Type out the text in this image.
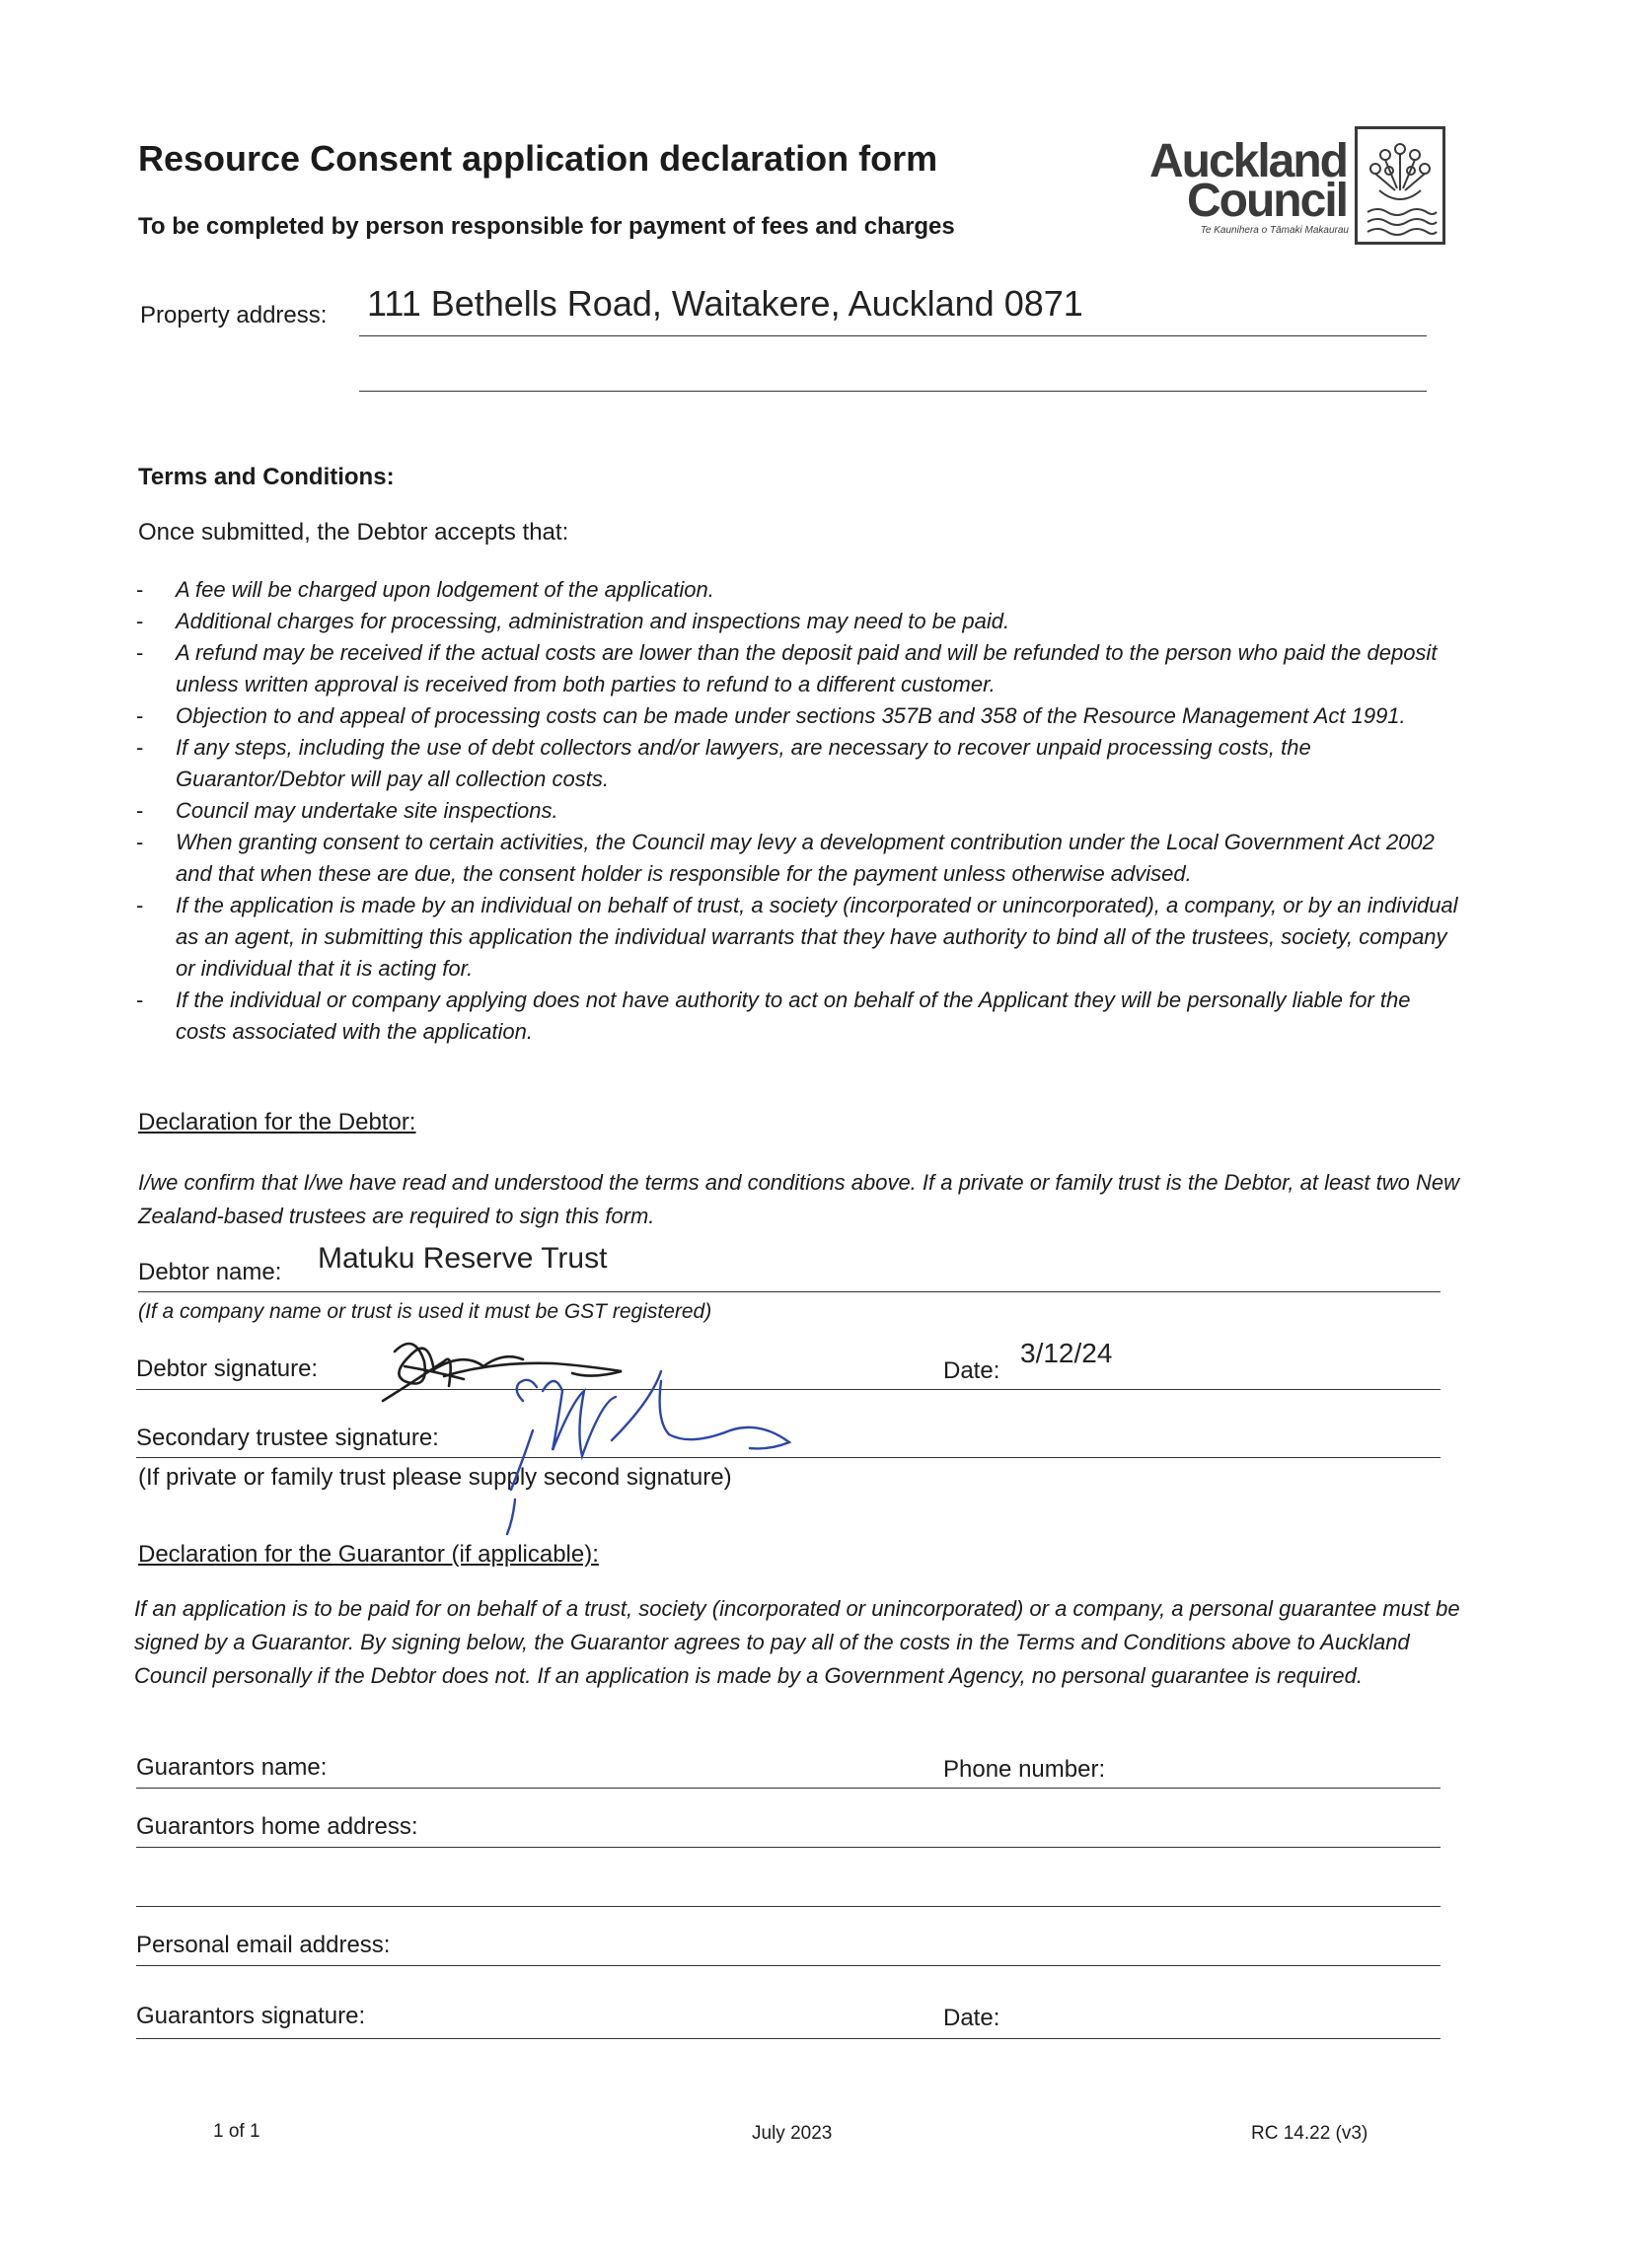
Resource Consent application declaration form
To be completed by person responsible for payment of fees and charges
Auckland
Council
Te Kaunihera o Tāmaki Makaurau
Property address: 111 Bethells Road, Waitakere, Auckland 0871
Terms and Conditions:
Once submitted, the Debtor accepts that:
- A fee will be charged upon lodgement of the application.
- Additional charges for processing, administration and inspections may need to be paid.
- A refund may be received if the actual costs are lower than the deposit paid and will be refunded to the person who paid the deposit unless written approval is received from both parties to refund to a different customer.
- Objection to and appeal of processing costs can be made under sections 357B and 358 of the Resource Management Act 1991.
- If any steps, including the use of debt collectors and/or lawyers, are necessary to recover unpaid processing costs, the Guarantor/Debtor will pay all collection costs.
- Council may undertake site inspections.
- When granting consent to certain activities, the Council may levy a development contribution under the Local Government Act 2002 and that when these are due, the consent holder is responsible for the payment unless otherwise advised.
- If the application is made by an individual on behalf of trust, a society (incorporated or unincorporated), a company, or by an individual as an agent, in submitting this application the individual warrants that they have authority to bind all of the trustees, society, company or individual that it is acting for.
- If the individual or company applying does not have authority to act on behalf of the Applicant they will be personally liable for the costs associated with the application.
Declaration for the Debtor:
I/we confirm that I/we have read and understood the terms and conditions above. If a private or family trust is the Debtor, at least two New Zealand-based trustees are required to sign this form.
Debtor name: Matuku Reserve Trust
(If a company name or trust is used it must be GST registered)
Debtor signature:	Date:
3/12/24
Secondary trustee signature:
(If private or family trust please supply second signature)
Declaration for the Guarantor (if applicable):
If an application is to be paid for on behalf of a trust, society (incorporated or unincorporated) or a company, a personal guarantee must be signed by a Guarantor. By signing below, the Guarantor agrees to pay all of the costs in the Terms and Conditions above to Auckland Council personally if the Debtor does not. If an application is made by a Government Agency, no personal guarantee is required.
Guarantors name:	Phone number:
Guarantors home address:
Personal email address:
Guarantors signature:	Date:
1 of 1	July 2023	RC 14.22 (v3)
